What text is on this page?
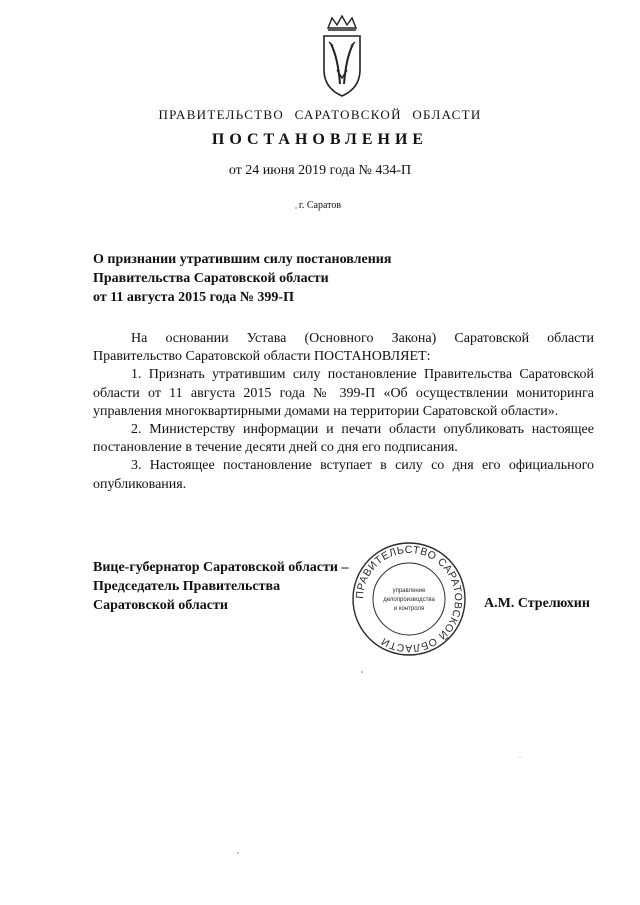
ПРАВИТЕЛЬСТВО САРАТОВСКОЙ ОБЛАСТИ
ПОСТАНОВЛЕНИЕ
от 24 июня 2019 года № 434-П
г. Саратов
О признании утратившим силу постановления
Правительства Саратовской области
от 11 августа 2015 года № 399-П

На основании Устава (Основного Закона) Саратовской области Правительство Саратовской области ПОСТАНОВЛЯЕТ:

1. Признать утратившим силу постановление Правительства Саратовской области от 11 августа 2015 года № 399-П «Об осуществлении мониторинга управления многоквартирными домами на территории Саратовской области».

2. Министерству информации и печати области опубликовать настоящее постановление в течение десяти дней со дня его подписания.

3. Настоящее постановление вступает в силу со дня его официального опубликования.

Вице-губернатор Саратовской области –
Председатель Правительства
Саратовской области	А.М. Стрелюхин
ПРАВИТЕЛЬСТВО САРАТОВСКОЙ ОБЛАСТИ
управление
делопроизводства
и контроля
